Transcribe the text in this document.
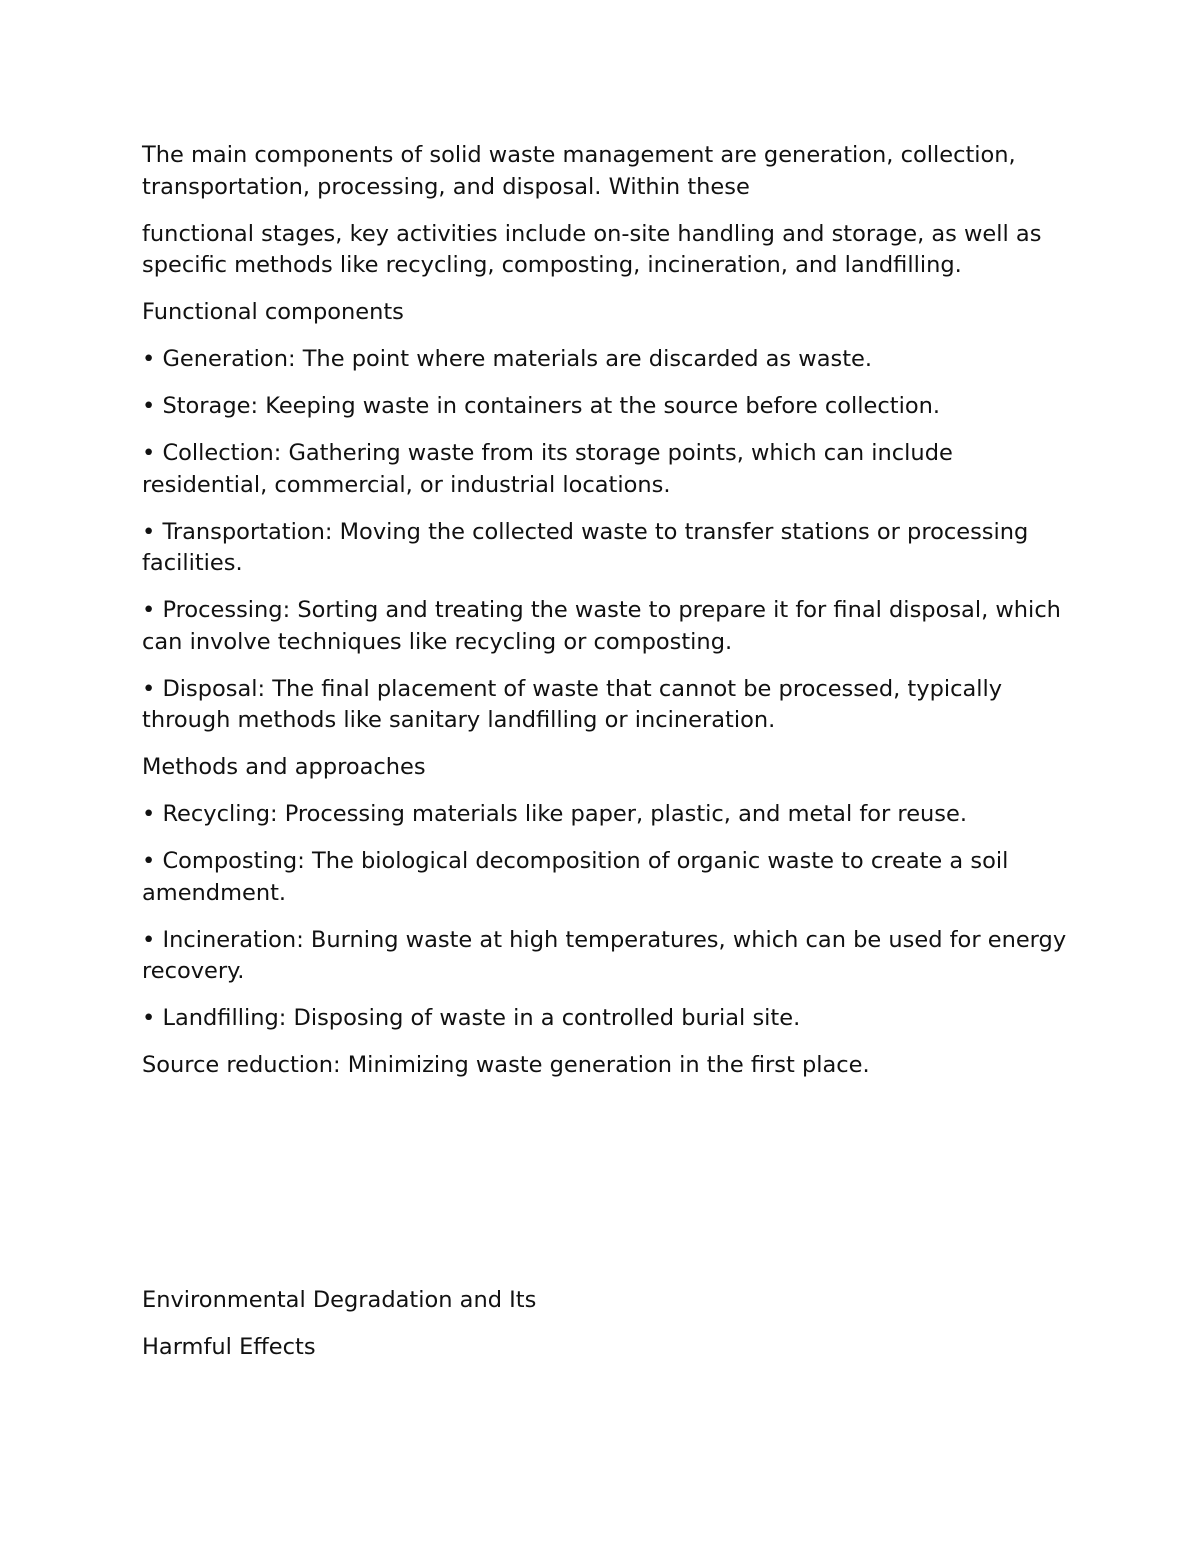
The main components of solid waste management are generation, collection, transportation, processing, and disposal. Within these

functional stages, key activities include on-site handling and storage, as well as specific methods like recycling, composting, incineration, and landfilling.

Functional components

• Generation: The point where materials are discarded as waste.

• Storage: Keeping waste in containers at the source before collection.

• Collection: Gathering waste from its storage points, which can include residential, commercial, or industrial locations.

• Transportation: Moving the collected waste to transfer stations or processing facilities.

• Processing: Sorting and treating the waste to prepare it for final disposal, which can involve techniques like recycling or composting.

• Disposal: The final placement of waste that cannot be processed, typically through methods like sanitary landfilling or incineration.

Methods and approaches

• Recycling: Processing materials like paper, plastic, and metal for reuse.

• Composting: The biological decomposition of organic waste to create a soil amendment.

• Incineration: Burning waste at high temperatures, which can be used for energy recovery.

• Landfilling: Disposing of waste in a controlled burial site.

Source reduction: Minimizing waste generation in the first place.

Environmental Degradation and Its

Harmful Effects
